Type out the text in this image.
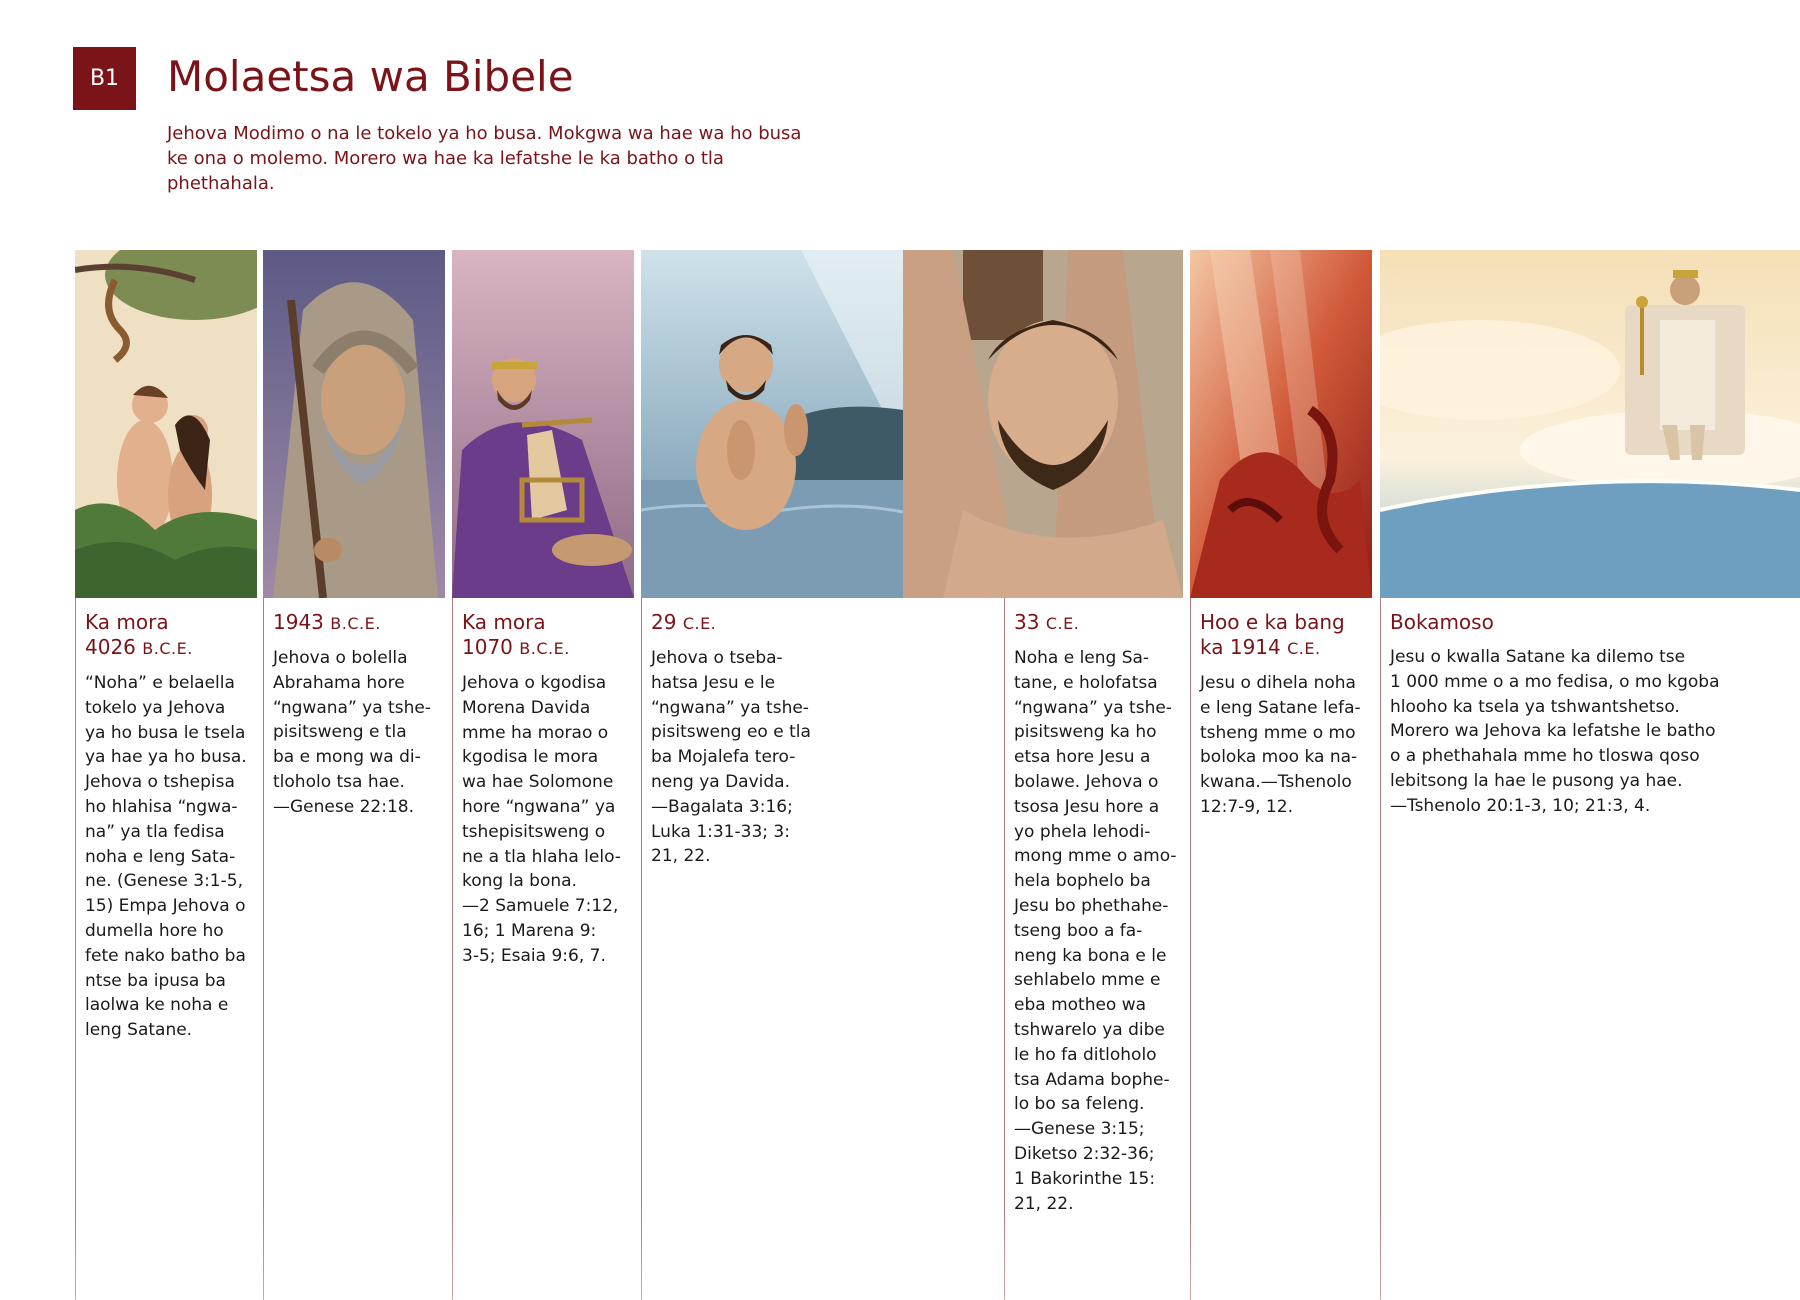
B1	Molaetsa wa Bibele

Jehova Modimo o na le tokelo ya ho busa. Mokgwa wa hae wa ho busa ke ona o molemo. Morero wa hae ka lefatshe le ka batho o tla phethahala.

Ka mora
4026 B.C.E.
“Noha” e belaella
tokelo ya Jehova
ya ho busa le tsela
ya hae ya ho busa.
Jehova o tshepisa
ho hlahisa “ngwa-
na” ya tla fedisa
noha e leng Sata-
ne. (Genese 3:1-5,
15) Empa Jehova o
dumella hore ho
fete nako batho ba
ntse ba ipusa ba
laolwa ke noha e
leng Satane.
1943 B.C.E.
Jehova o bolella
Abrahama hore
“ngwana” ya tshe-
pisitsweng e tla
ba e mong wa di-
tloholo tsa hae.
—Genese 22:18.
Ka mora
1070 B.C.E.
Jehova o kgodisa
Morena Davida
mme ha morao o
kgodisa le mora
wa hae Solomone
hore “ngwana” ya
tshepisitsweng o
ne a tla hlaha lelo-
kong la bona.
—2 Samuele 7:12,
16; 1 Marena 9:
3-5; Esaia 9:6, 7.
29 C.E.
Jehova o tseba-
hatsa Jesu e le
“ngwana” ya tshe-
pisitsweng eo e tla
ba Mojalefa tero-
neng ya Davida.
—Bagalata 3:16;
Luka 1:31-33; 3:
21, 22.
33 C.E.
Noha e leng Sa-
tane, e holofatsa
“ngwana” ya tshe-
pisitsweng ka ho
etsa hore Jesu a
bolawe. Jehova o
tsosa Jesu hore a
yo phela lehodi-
mong mme o amo-
hela bophelo ba
Jesu bo phethahe-
tseng boo a fa-
neng ka bona e le
sehlabelo mme e
eba motheo wa
tshwarelo ya dibe
le ho fa ditloholo
tsa Adama bophe-
lo bo sa feleng.
—Genese 3:15;
Diketso 2:32-36;
1 Bakorinthe 15:
21, 22.
Hoo e ka bang
ka 1914 C.E.
Jesu o dihela noha
e leng Satane lefa-
tsheng mme o mo
boloka moo ka na-
kwana.—Tshenolo
12:7-9, 12.
Bokamoso
Jesu o kwalla Satane ka dilemo tse
1 000 mme o a mo fedisa, o mo kgoba
hlooho ka tsela ya tshwantshetso.
Morero wa Jehova ka lefatshe le batho
o a phethahala mme ho tloswa qoso
lebitsong la hae le pusong ya hae.
—Tshenolo 20:1-3, 10; 21:3, 4.
